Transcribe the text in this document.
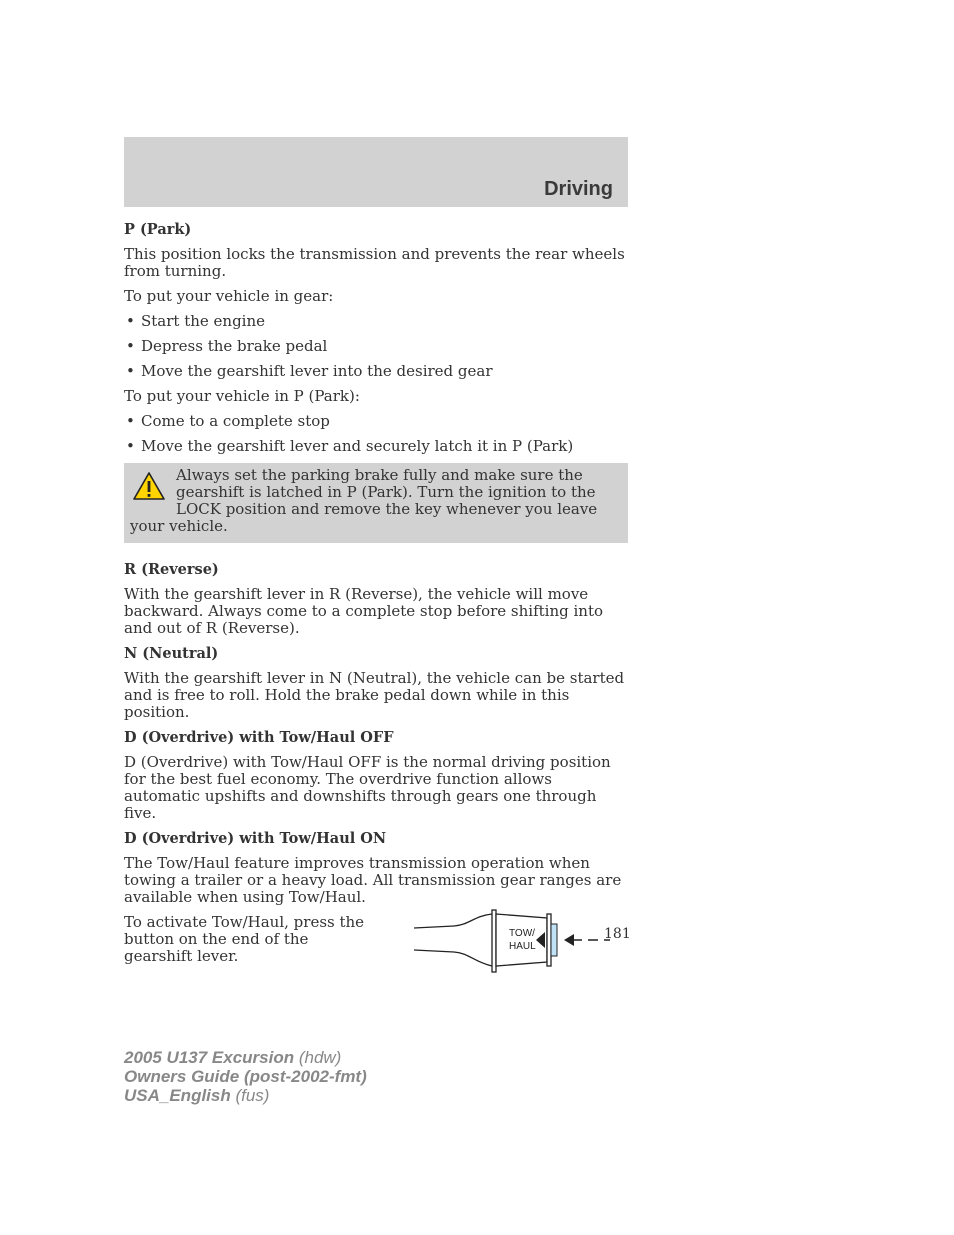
Driving
P (Park)

This position locks the transmission and prevents the rear wheels from turning.

To put your vehicle in gear:

• Start the engine
• Depress the brake pedal
• Move the gearshift lever into the desired gear

To put your vehicle in P (Park):

• Come to a complete stop
• Move the gearshift lever and securely latch it in P (Park)

Always set the parking brake fully and make sure the gearshift is latched in P (Park). Turn the ignition to the LOCK position and remove the key whenever you leave your vehicle.

R (Reverse)

With the gearshift lever in R (Reverse), the vehicle will move backward. Always come to a complete stop before shifting into and out of R (Reverse).

N (Neutral)

With the gearshift lever in N (Neutral), the vehicle can be started and is free to roll. Hold the brake pedal down while in this position.

D (Overdrive) with Tow/Haul OFF

D (Overdrive) with Tow/Haul OFF is the normal driving position for the best fuel economy. The overdrive function allows automatic upshifts and downshifts through gears one through five.

D (Overdrive) with Tow/Haul ON

The Tow/Haul feature improves transmission operation when towing a trailer or a heavy load. All transmission gear ranges are available when using Tow/Haul.

To activate Tow/Haul, press the button on the end of the gearshift lever.
TOW/
HAUL
181
2005 U137 Excursion (hdw)
Owners Guide (post-2002-fmt)
USA_English (fus)
